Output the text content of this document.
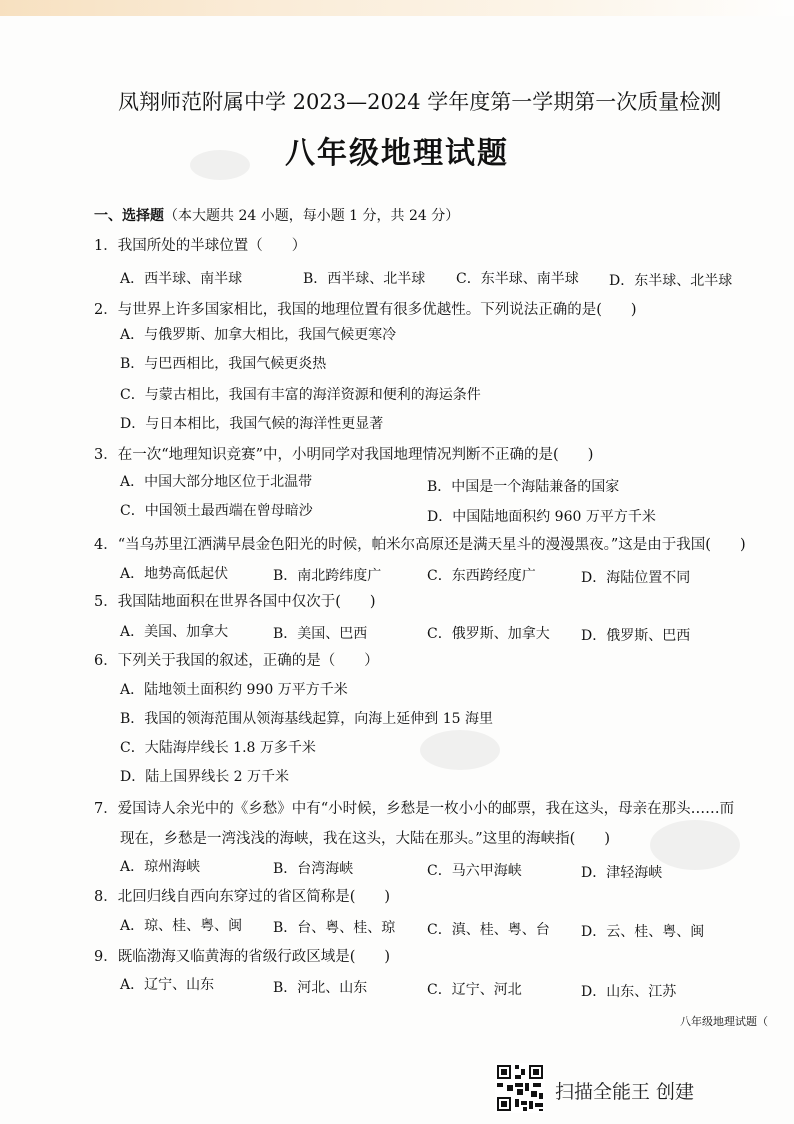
凤翔师范附属中学 2023—2024 学年度第一学期第一次质量检测
八年级地理试题
一、选择题（本大题共 24 小题，每小题 1 分，共 24 分）
1．我国所处的半球位置（　　）
A．西半球、南半球	B．西半球、北半球 C．东半球、南半球 D．东半球、北半球
2．与世界上许多国家相比，我国的地理位置有很多优越性。下列说法正确的是(　　)
A．与俄罗斯、加拿大相比，我国气候更寒冷
B．与巴西相比，我国气候更炎热
C．与蒙古相比，我国有丰富的海洋资源和便利的海运条件
D．与日本相比，我国气候的海洋性更显著
3．在一次“地理知识竞赛”中，小明同学对我国地理情况判断不正确的是(　　)
A．中国大部分地区位于北温带	B．中国是一个海陆兼备的国家
C．中国领土最西端在曾母暗沙	D．中国陆地面积约 960 万平方千米
4．“当乌苏里江洒满早晨金色阳光的时候，帕米尔高原还是满天星斗的漫漫黑夜。”这是由于我国(　　)
A．地势高低起伏	B．南北跨纬度广	C．东西跨经度广	D．海陆位置不同
5．我国陆地面积在世界各国中仅次于(　　)
A．美国、加拿大	B．美国、巴西	C．俄罗斯、加拿大 D．俄罗斯、巴西
6．下列关于我国的叙述，正确的是（　　）
A．陆地领土面积约 990 万平方千米
B．我国的领海范围从领海基线起算，向海上延伸到 15 海里
C．大陆海岸线长 1.8 万多千米
D．陆上国界线长 2 万千米
7．爱国诗人余光中的《乡愁》中有“小时候，乡愁是一枚小小的邮票，我在这头，母亲在那头……而
现在，乡愁是一湾浅浅的海峡，我在这头，大陆在那头。”这里的海峡指(　　)
A．琼州海峡	B．台湾海峡	C．马六甲海峡	D．津轻海峡
8．北回归线自西向东穿过的省区简称是(　　)
A．琼、桂、粤、闽 B．台、粤、桂、琼 C．滇、桂、粤、台 D．云、桂、粤、闽
9．既临渤海又临黄海的省级行政区域是(　　)
A．辽宁、山东	B．河北、山东	C．辽宁、河北	D．山东、江苏
八年级地理试题（
扫描全能王 创建
